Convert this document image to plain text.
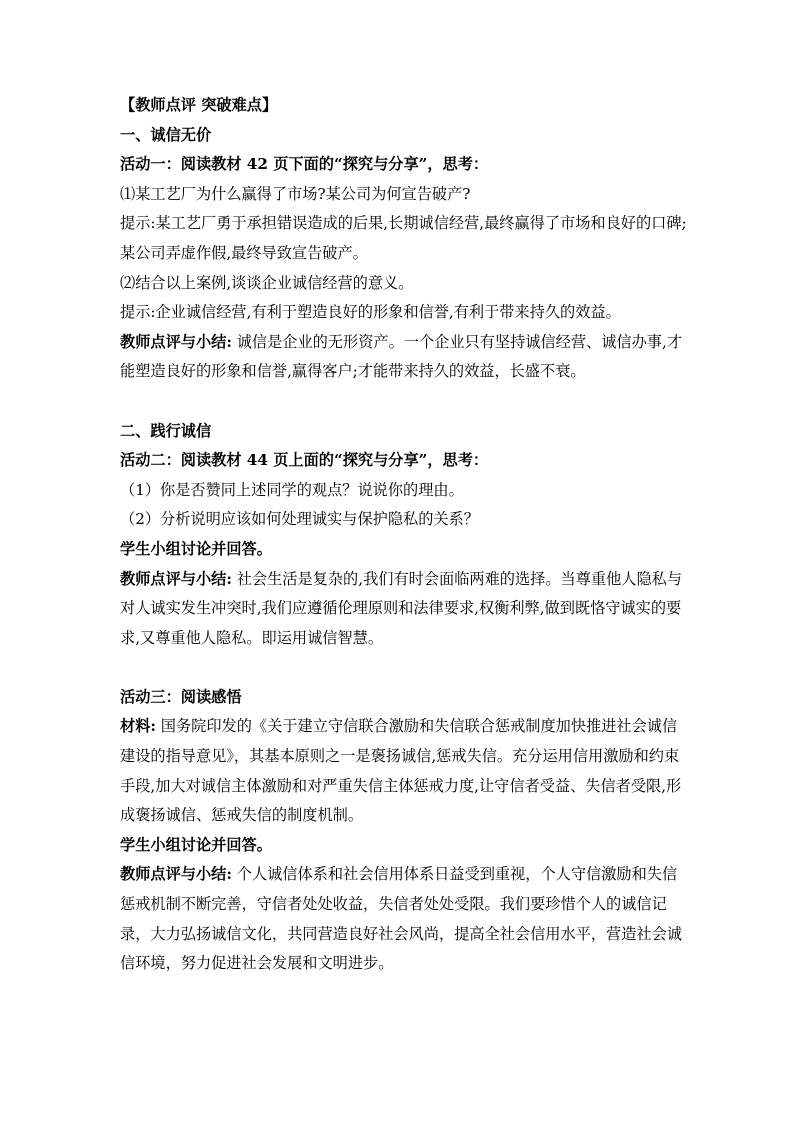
【教师点评 突破难点】

一、诚信无价

活动一：阅读教材 42 页下面的“探究与分享”，思考：

⑴某工艺厂为什么赢得了市场?某公司为何宣告破产?

提示:某工艺厂勇于承担错误造成的后果,长期诚信经营,最终赢得了市场和良好的口碑;某公司弄虚作假,最终导致宣告破产。

⑵结合以上案例,谈谈企业诚信经营的意义。

提示:企业诚信经营,有利于塑造良好的形象和信誉,有利于带来持久的效益。

教师点评与小结: 诚信是企业的无形资产。一个企业只有坚持诚信经营、诚信办事,才能塑造良好的形象和信誉,赢得客户;才能带来持久的效益，长盛不衰。

二、践行诚信

活动二：阅读教材 44 页上面的“探究与分享”，思考：

（1）你是否赞同上述同学的观点？说说你的理由。

（2）分析说明应该如何处理诚实与保护隐私的关系？

学生小组讨论并回答。

教师点评与小结: 社会生活是复杂的,我们有时会面临两难的选择。当尊重他人隐私与对人诚实发生冲突时,我们应遵循伦理原则和法律要求,权衡利弊,做到既恪守诚实的要求,又尊重他人隐私。即运用诚信智慧。

活动三：阅读感悟

材料: 国务院印发的《关于建立守信联合激励和失信联合惩戒制度加快推进社会诚信建设的指导意见》，其基本原则之一是褒扬诚信,惩戒失信。充分运用信用激励和约束手段,加大对诚信主体激励和对严重失信主体惩戒力度,让守信者受益、失信者受限,形成褒扬诚信、惩戒失信的制度机制。

学生小组讨论并回答。

教师点评与小结: 个人诚信体系和社会信用体系日益受到重视，个人守信激励和失信惩戒机制不断完善，守信者处处收益，失信者处处受限。我们要珍惜个人的诚信记录，大力弘扬诚信文化，共同营造良好社会风尚，提高全社会信用水平，营造社会诚信环境，努力促进社会发展和文明进步。
